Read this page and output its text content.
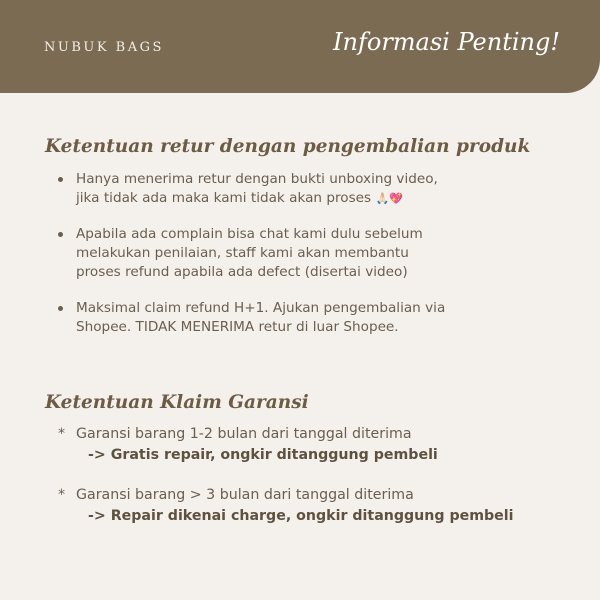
NUBUK BAGS	Informasi Penting!
Ketentuan retur dengan pengembalian produk
Hanya menerima retur dengan bukti unboxing video,
jika tidak ada maka kami tidak akan proses 🙏🏻💖
Apabila ada complain bisa chat kami dulu sebelum
melakukan penilaian, staff kami akan membantu
proses refund apabila ada defect (disertai video)
Maksimal claim refund H+1. Ajukan pengembalian via
Shopee. TIDAK MENERIMA retur di luar Shopee.
Ketentuan Klaim Garansi
* Garansi barang 1-2 bulan dari tanggal diterima
-> Gratis repair, ongkir ditanggung pembeli
* Garansi barang > 3 bulan dari tanggal diterima
-> Repair dikenai charge, ongkir ditanggung pembeli
